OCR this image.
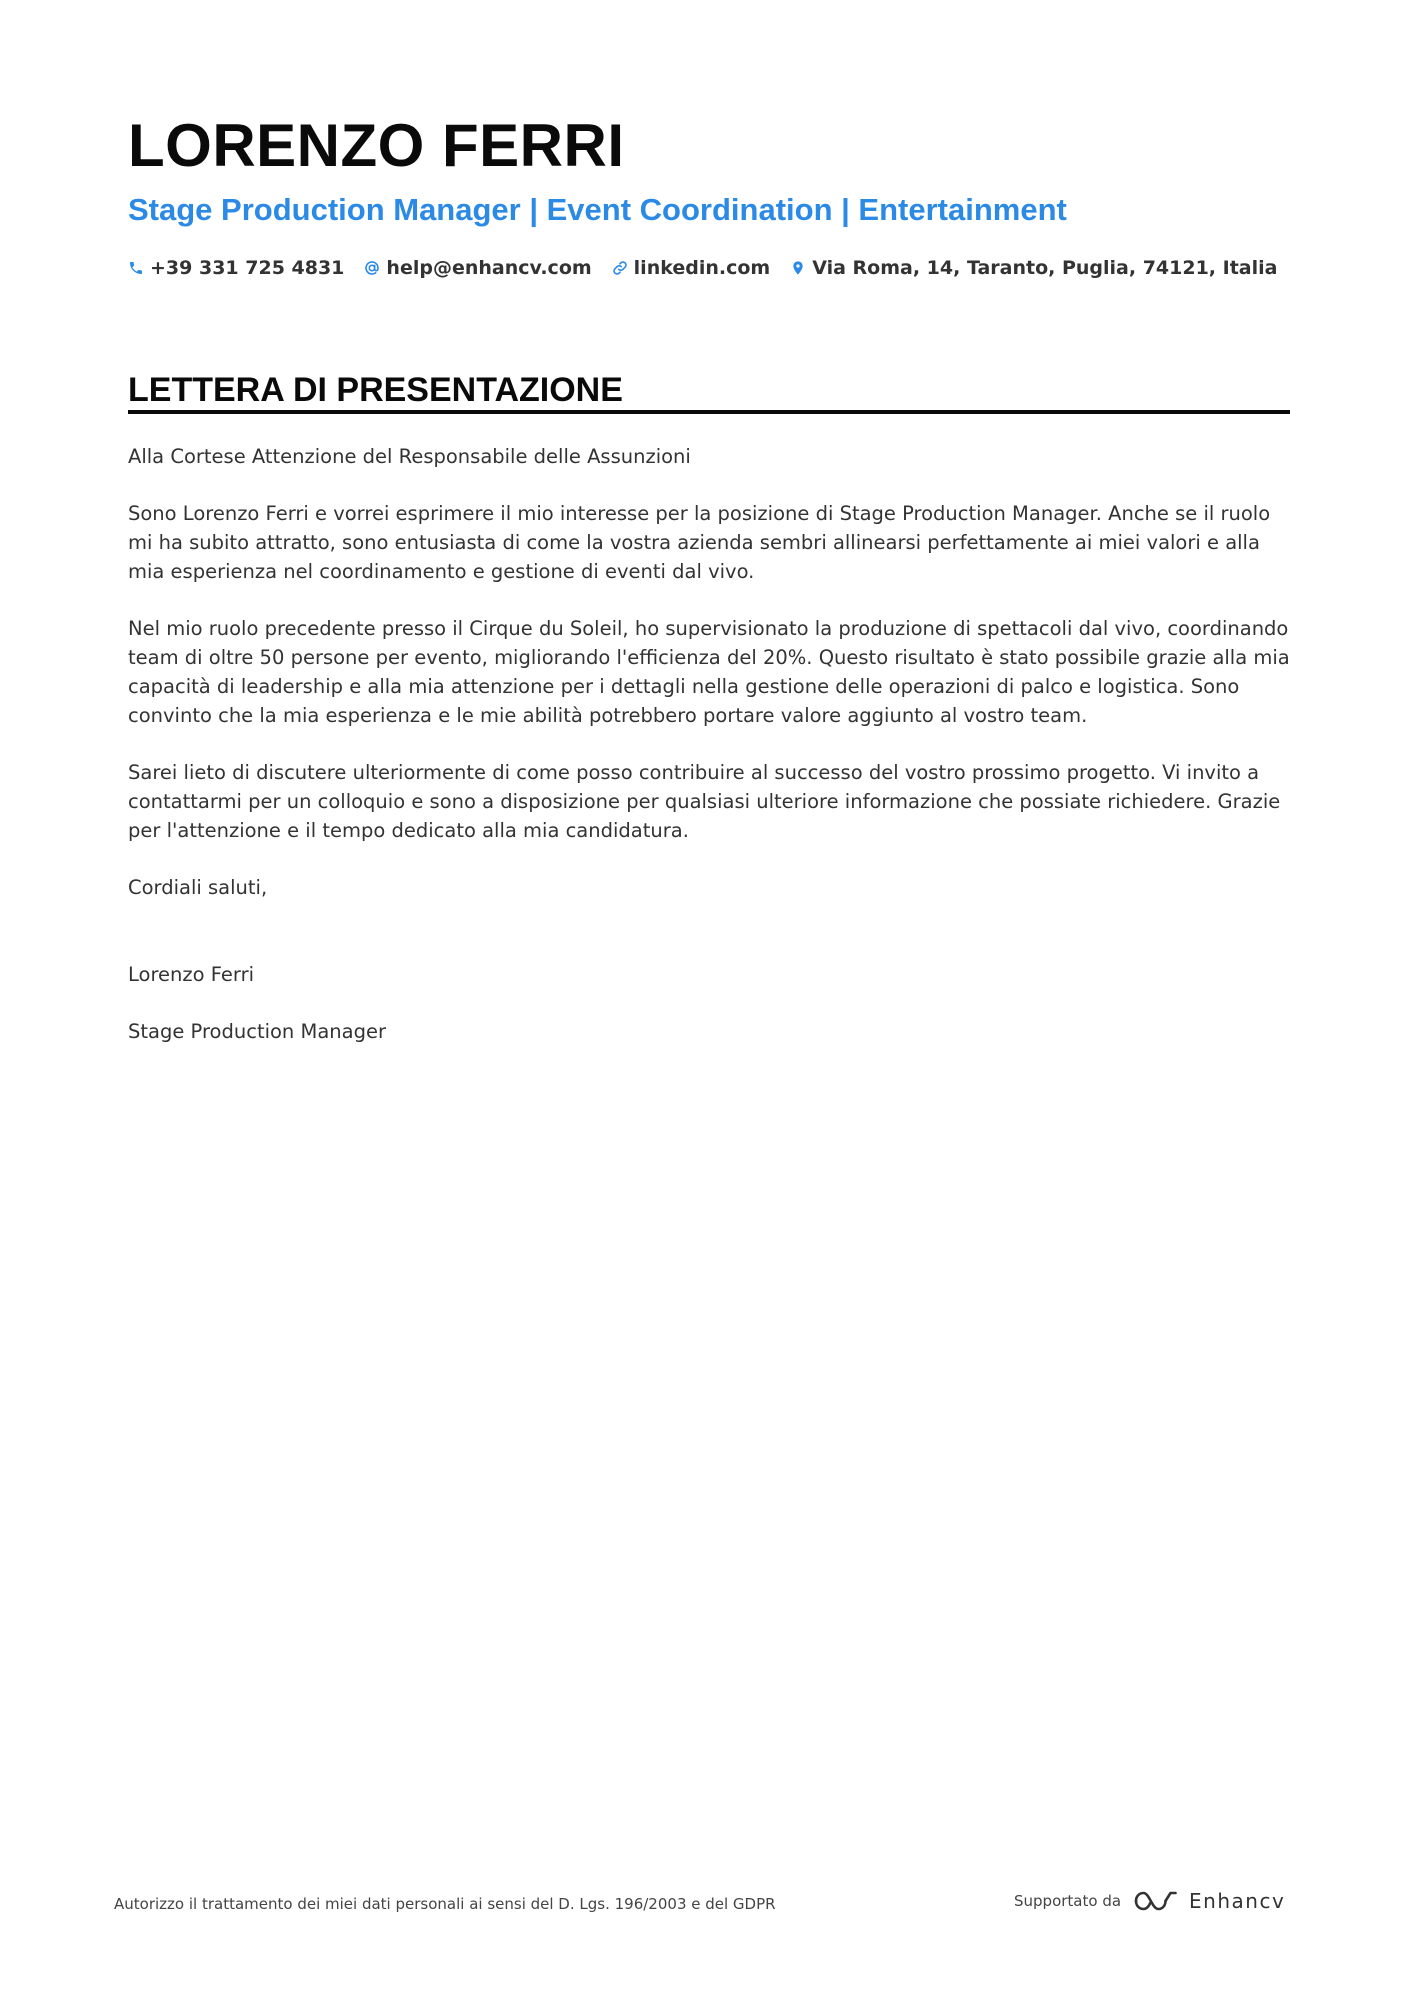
LORENZO FERRI
Stage Production Manager | Event Coordination | Entertainment
+39 331 725 4831 help@enhancv.com linkedin.com Via Roma, 14, Taranto, Puglia, 74121, Italia
LETTERA DI PRESENTAZIONE

Alla Cortese Attenzione del Responsabile delle Assunzioni

Sono Lorenzo Ferri e vorrei esprimere il mio interesse per la posizione di Stage Production Manager. Anche se il ruolo mi ha subito attratto, sono entusiasta di come la vostra azienda sembri allinearsi perfettamente ai miei valori e alla mia esperienza nel coordinamento e gestione di eventi dal vivo.

Nel mio ruolo precedente presso il Cirque du Soleil, ho supervisionato la produzione di spettacoli dal vivo, coordinando team di oltre 50 persone per evento, migliorando l'efficienza del 20%. Questo risultato è stato possibile grazie alla mia capacità di leadership e alla mia attenzione per i dettagli nella gestione delle operazioni di palco e logistica. Sono convinto che la mia esperienza e le mie abilità potrebbero portare valore aggiunto al vostro team.

Sarei lieto di discutere ulteriormente di come posso contribuire al successo del vostro prossimo progetto. Vi invito a contattarmi per un colloquio e sono a disposizione per qualsiasi ulteriore informazione che possiate richiedere. Grazie per l'attenzione e il tempo dedicato alla mia candidatura.

Cordiali saluti,

Lorenzo Ferri

Stage Production Manager

Autorizzo il trattamento dei miei dati personali ai sensi del D. Lgs. 196/2003 e del GDPR	Supportato da	Enhancv
